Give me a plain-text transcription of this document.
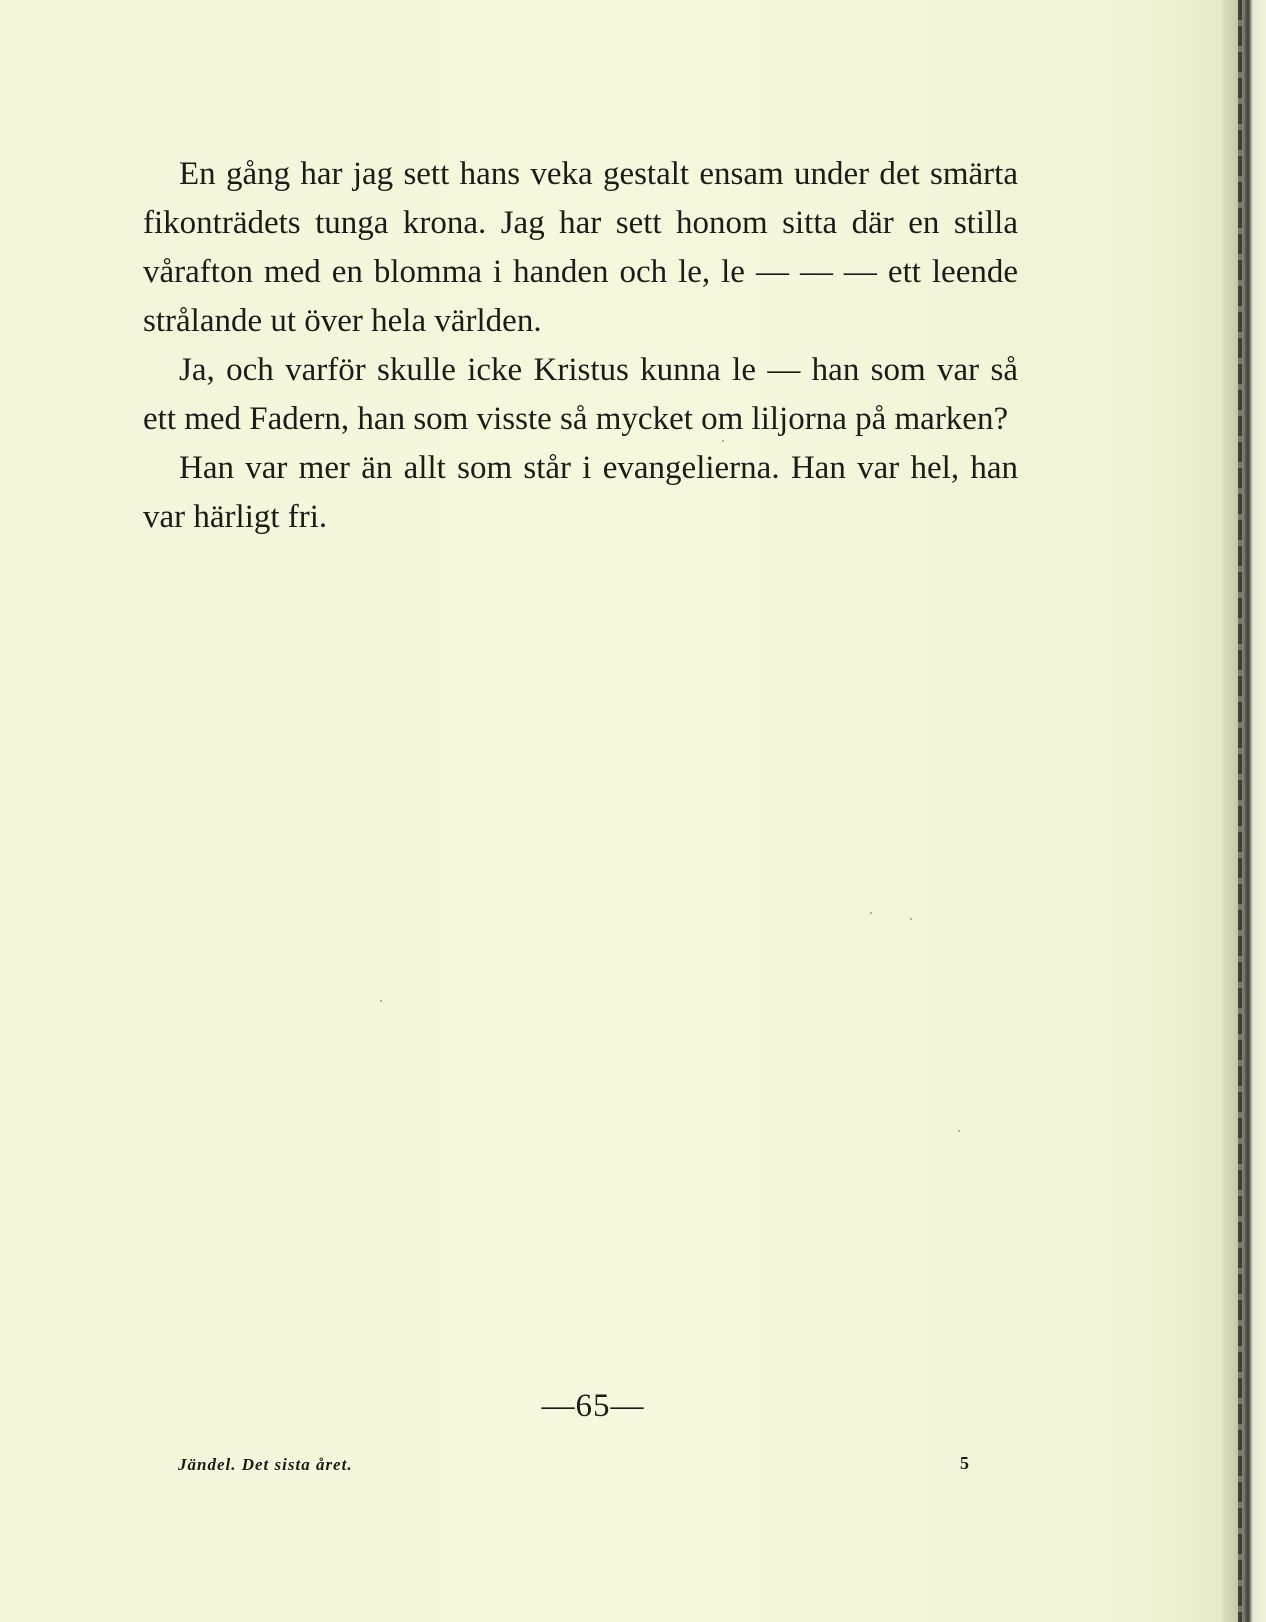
En gång har jag sett hans veka gestalt ensam under det smärta fikonträdets tunga krona. Jag har sett honom sitta där en stilla vårafton med en blomma i handen och le, le — — — ett leende strålande ut över hela världen.

Ja, och varför skulle icke Kristus kunna le — han som var så ett med Fadern, han som visste så mycket om liljorna på marken?

Han var mer än allt som står i evangelierna. Han var hel, han var härligt fri.

—65—
Jändel. Det sista året.	5
